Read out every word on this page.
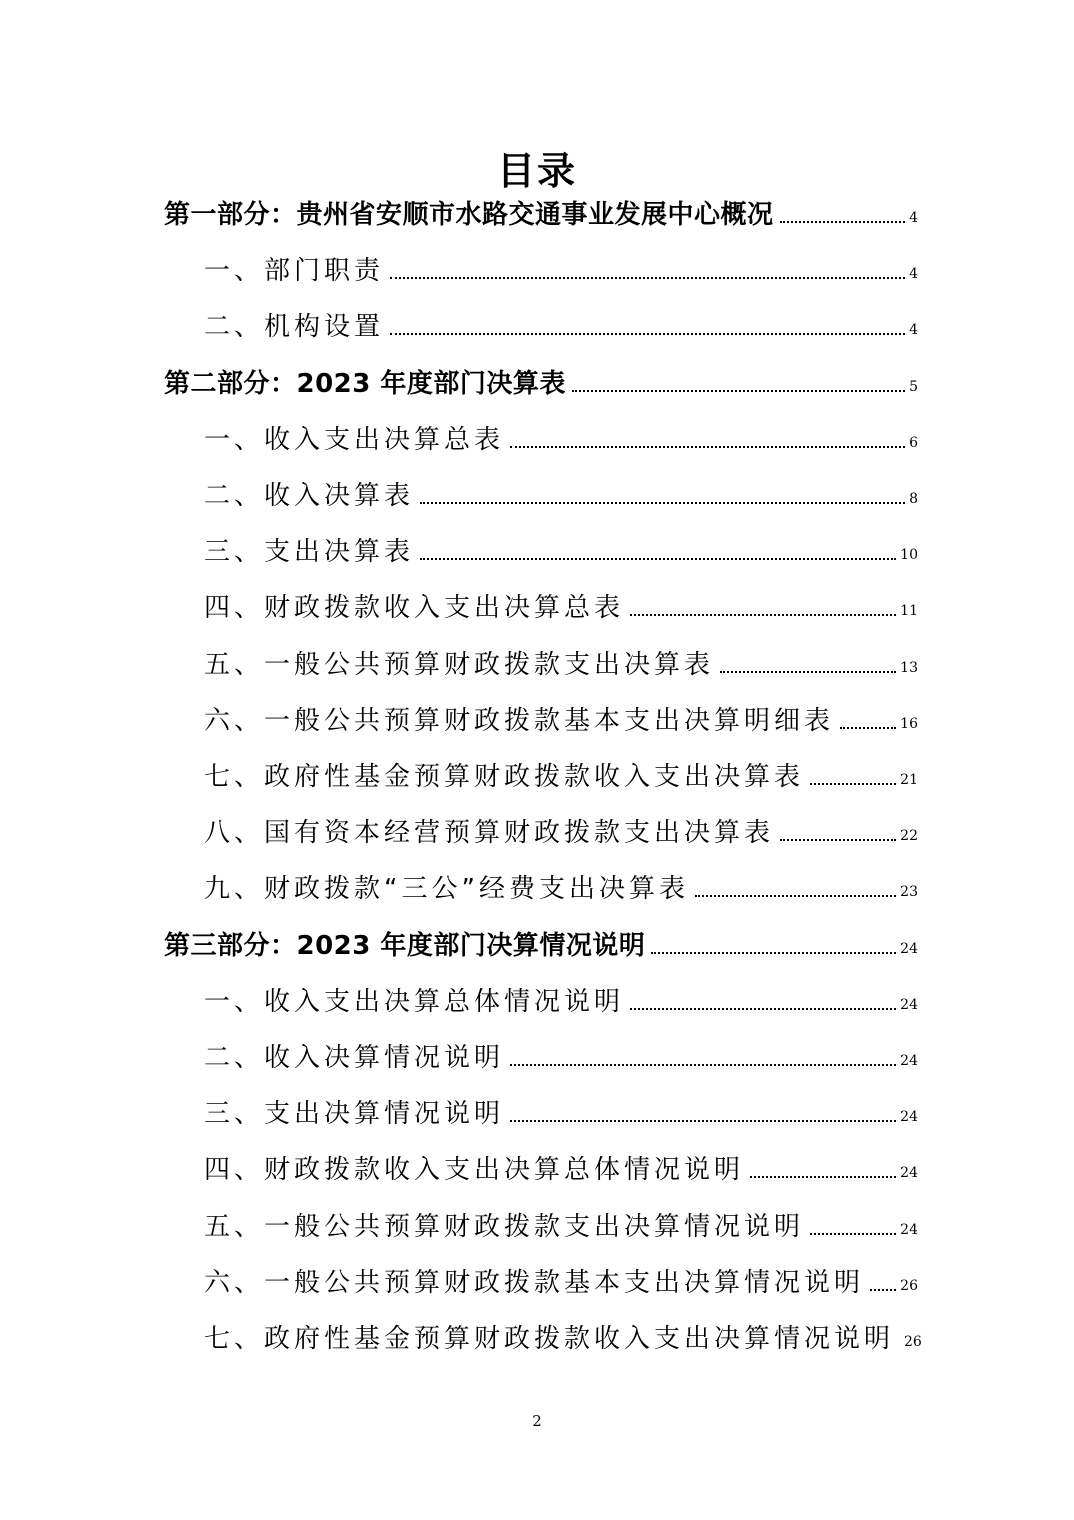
目录
第一部分：贵州省安顺市水路交通事业发展中心概况	4
一、部门职责	4
二、机构设置	4
第二部分：2023 年度部门决算表	5
一、收入支出决算总表	6
二、收入决算表	8
三、支出决算表	10
四、财政拨款收入支出决算总表	11
五、一般公共预算财政拨款支出决算表	13
六、一般公共预算财政拨款基本支出决算明细表	16
七、政府性基金预算财政拨款收入支出决算表	21
八、国有资本经营预算财政拨款支出决算表	22
九、财政拨款“三公”经费支出决算表	23
第三部分：2023 年度部门决算情况说明	24
一、收入支出决算总体情况说明	24
二、收入决算情况说明	24
三、支出决算情况说明	24
四、财政拨款收入支出决算总体情况说明	24
五、一般公共预算财政拨款支出决算情况说明	24
六、一般公共预算财政拨款基本支出决算情况说明	26
七、政府性基金预算财政拨款收入支出决算情况说明 26
2
